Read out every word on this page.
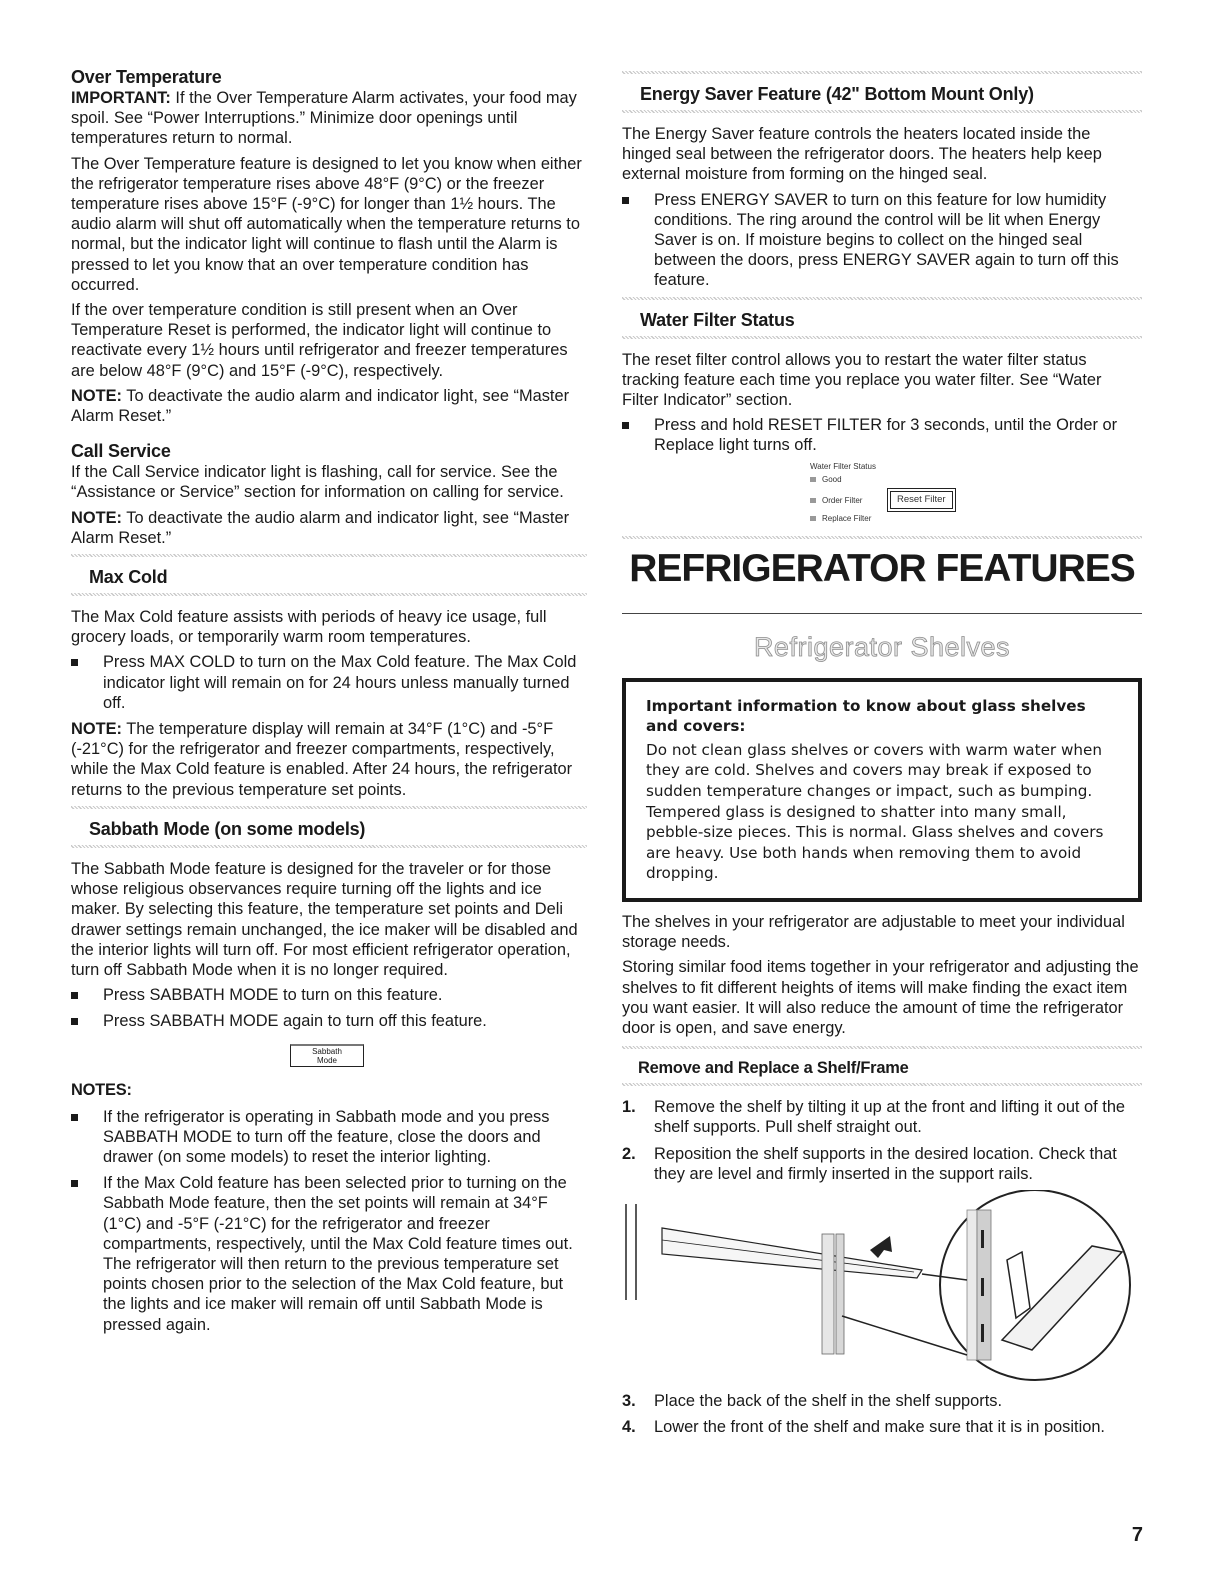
Over Temperature

IMPORTANT: If the Over Temperature Alarm activates, your food may spoil. See “Power Interruptions.” Minimize door openings until temperatures return to normal.

The Over Temperature feature is designed to let you know when either the refrigerator temperature rises above 48°F (9°C) or the freezer temperature rises above 15°F (-9°C) for longer than 1½ hours. The audio alarm will shut off automatically when the temperature returns to normal, but the indicator light will continue to flash until the Alarm is pressed to let you know that an over temperature condition has occurred.

If the over temperature condition is still present when an Over Temperature Reset is performed, the indicator light will continue to reactivate every 1½ hours until refrigerator and freezer temperatures are below 48°F (9°C) and 15°F (-9°C), respectively.

NOTE: To deactivate the audio alarm and indicator light, see “Master Alarm Reset.”

Call Service

If the Call Service indicator light is flashing, call for service. See the “Assistance or Service” section for information on calling for service.

NOTE: To deactivate the audio alarm and indicator light, see “Master Alarm Reset.”

Max Cold

The Max Cold feature assists with periods of heavy ice usage, full grocery loads, or temporarily warm room temperatures.

Press MAX COLD to turn on the Max Cold feature. The Max Cold indicator light will remain on for 24 hours unless manually turned off.

NOTE: The temperature display will remain at 34°F (1°C) and -5°F (-21°C) for the refrigerator and freezer compartments, respectively, while the Max Cold feature is enabled. After 24 hours, the refrigerator returns to the previous temperature set points.

Sabbath Mode (on some models)

The Sabbath Mode feature is designed for the traveler or for those whose religious observances require turning off the lights and ice maker. By selecting this feature, the temperature set points and Deli drawer settings remain unchanged, the ice maker will be disabled and the interior lights will turn off. For most efficient refrigerator operation, turn off Sabbath Mode when it is no longer required.

Press SABBATH MODE to turn on this feature.
Press SABBATH MODE again to turn off this feature.
Sabbath
Mode
NOTES:
If the refrigerator is operating in Sabbath mode and you press SABBATH MODE to turn off the feature, close the doors and drawer (on some models) to reset the interior lighting.
If the Max Cold feature has been selected prior to turning on the Sabbath Mode feature, then the set points will remain at 34°F (1°C) and -5°F (-21°C) for the refrigerator and freezer compartments, respectively, until the Max Cold feature times out. The refrigerator will then return to the previous temperature set points chosen prior to the selection of the Max Cold feature, but the lights and ice maker will remain off until Sabbath Mode is pressed again.
Energy Saver Feature (42" Bottom Mount Only)

The Energy Saver feature controls the heaters located inside the hinged seal between the refrigerator doors. The heaters help keep external moisture from forming on the hinged seal.

Press ENERGY SAVER to turn on this feature for low humidity conditions. The ring around the control will be lit when Energy Saver is on. If moisture begins to collect on the hinged seal between the doors, press ENERGY SAVER again to turn off this feature.
Water Filter Status

The reset filter control allows you to restart the water filter status tracking feature each time you replace you water filter. See “Water Filter Indicator” section.

Press and hold RESET FILTER for 3 seconds, until the Order or Replace light turns off.
Water Filter Status
Good
Order Filter
Replace Filter
Reset Filter
REFRIGERATOR FEATURES
Refrigerator Shelves
Important information to know about glass shelves and covers:
Do not clean glass shelves or covers with warm water when they are cold. Shelves and covers may break if exposed to sudden temperature changes or impact, such as bumping. Tempered glass is designed to shatter into many small, pebble-size pieces. This is normal. Glass shelves and covers are heavy. Use both hands when removing them to avoid dropping.

The shelves in your refrigerator are adjustable to meet your individual storage needs.

Storing similar food items together in your refrigerator and adjusting the shelves to fit different heights of items will make finding the exact item you want easier. It will also reduce the amount of time the refrigerator door is open, and save energy.

Remove and Replace a Shelf/Frame
1. Remove the shelf by tilting it up at the front and lifting it out of the shelf supports. Pull shelf straight out.
2. Reposition the shelf supports in the desired location. Check that they are level and firmly inserted in the support rails.
3. Place the back of the shelf in the shelf supports.
4. Lower the front of the shelf and make sure that it is in position.
7
